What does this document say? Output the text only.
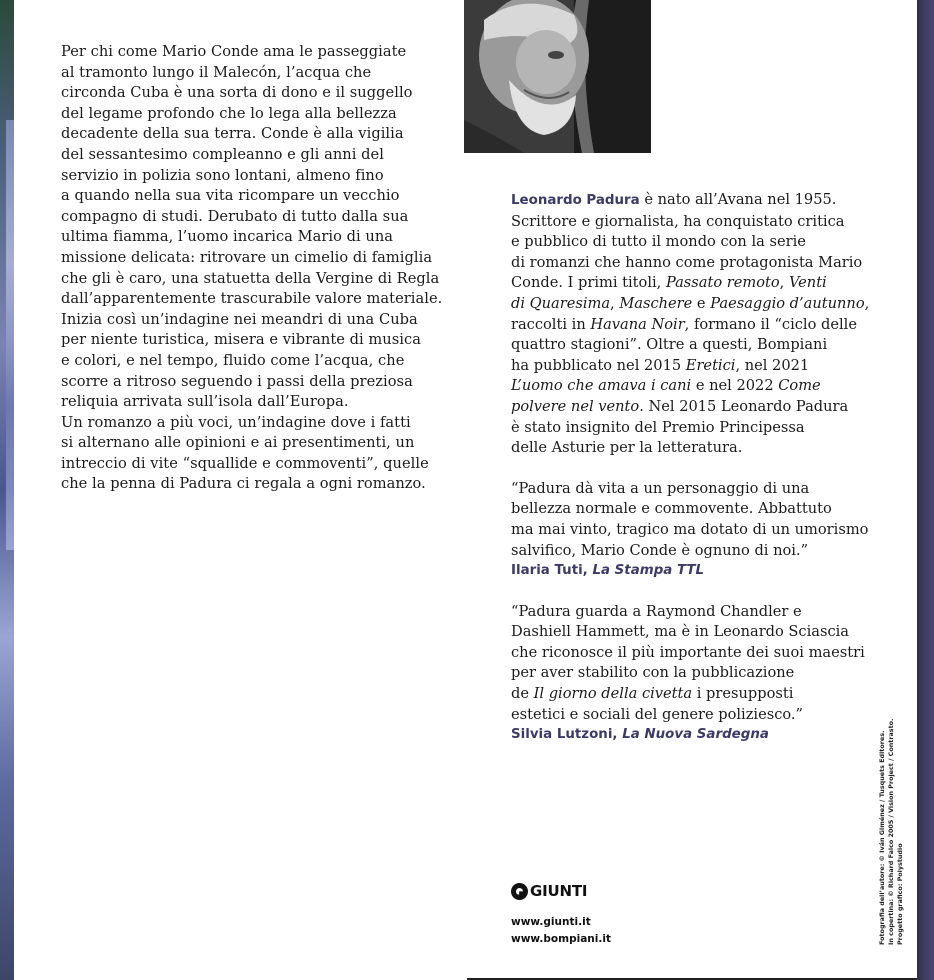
Per chi come Mario Conde ama le passeggiate

al tramonto lungo il Malecón, l’acqua che

circonda Cuba è una sorta di dono e il suggello

del legame profondo che lo lega alla bellezza

decadente della sua terra. Conde è alla vigilia

del sessantesimo compleanno e gli anni del

servizio in polizia sono lontani, almeno fino

a quando nella sua vita ricompare un vecchio

compagno di studi. Derubato di tutto dalla sua

ultima fiamma, l’uomo incarica Mario di una

missione delicata: ritrovare un cimelio di famiglia

che gli è caro, una statuetta della Vergine di Regla

dall’apparentemente trascurabile valore materiale.

Inizia così un’indagine nei meandri di una Cuba

per niente turistica, misera e vibrante di musica

e colori, e nel tempo, fluido come l’acqua, che

scorre a ritroso seguendo i passi della preziosa

reliquia arrivata sull’isola dall’Europa.

Un romanzo a più voci, un’indagine dove i fatti

si alternano alle opinioni e ai presentimenti, un

intreccio di vite “squallide e commoventi”, quelle

che la penna di Padura ci regala a ogni romanzo.

Leonardo Padura è nato all’Avana nel 1955.
Scrittore e giornalista, ha conquistato critica
e pubblico di tutto il mondo con la serie
di romanzi che hanno come protagonista Mario
Conde. I primi titoli, Passato remoto, Venti
di Quaresima, Maschere e Paesaggio d’autunno,
raccolti in Havana Noir, formano il “ciclo delle
quattro stagioni”. Oltre a questi, Bompiani
ha pubblicato nel 2015 Eretici, nel 2021
L’uomo che amava i cani e nel 2022 Come
polvere nel vento. Nel 2015 Leonardo Padura
è stato insignito del Premio Principessa
delle Asturie per la letteratura.
“Padura dà vita a un personaggio di una
bellezza normale e commovente. Abbattuto
ma mai vinto, tragico ma dotato di un umorismo
salvifico, Mario Conde è ognuno di noi.”
Ilaria Tuti, La Stampa TTL
“Padura guarda a Raymond Chandler e
Dashiell Hammett, ma è in Leonardo Sciascia
che riconosce il più importante dei suoi maestri
per aver stabilito con la pubblicazione
de Il giorno della civetta i presupposti
estetici e sociali del genere poliziesco.”
Silvia Lutzoni, La Nuova Sardegna
GIUNTI
www.giunti.it
www.bompiani.it	Fotografia dell’autore: © Iván Giménez / Tusquets Editores. In copertina: © Richard Falco 2005 / Vision Project / Contrasto. Progetto grafico: Polystudio
